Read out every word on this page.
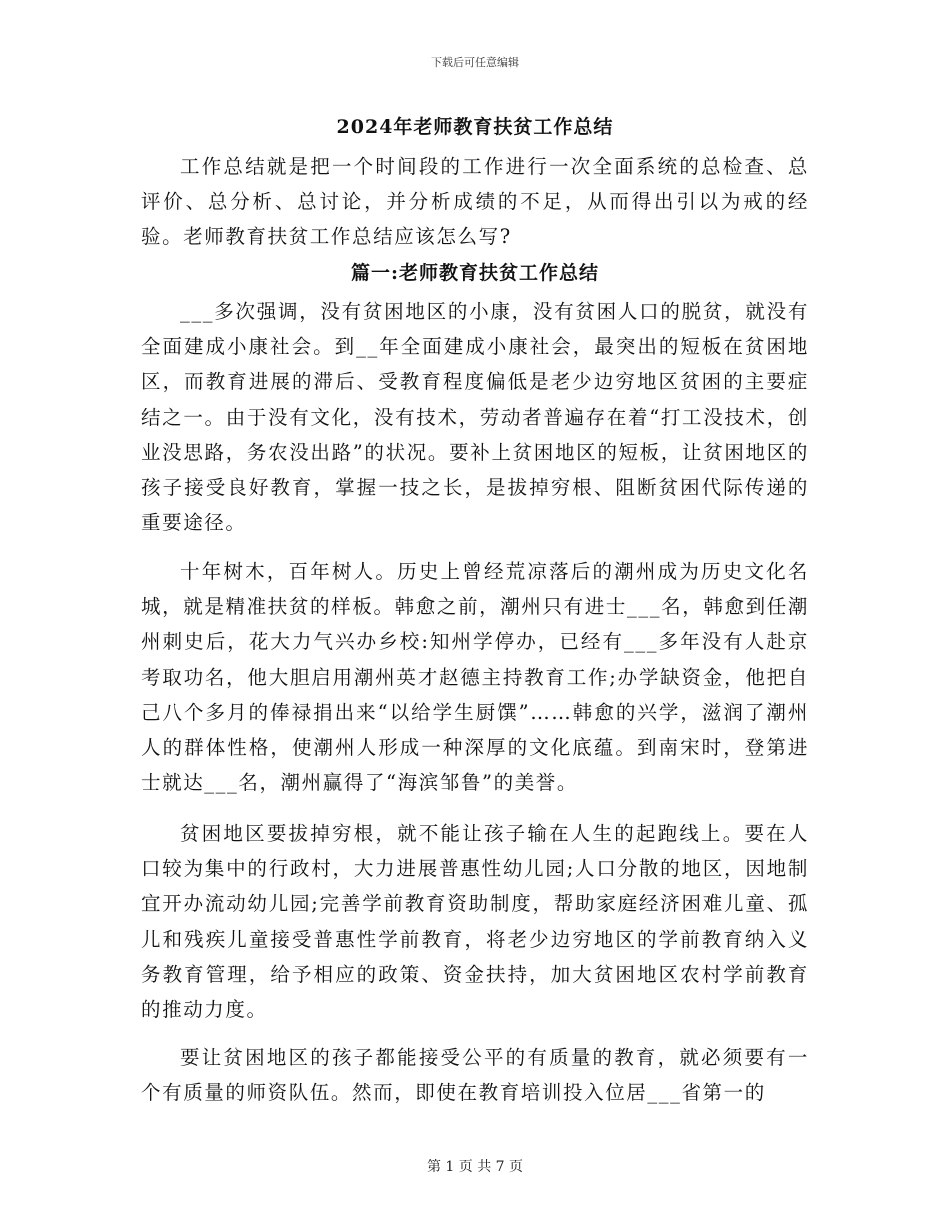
下载后可任意编辑
2024年老师教育扶贫工作总结
工作总结就是把一个时间段的工作进行一次全面系统的总检查、总评价、总分析、总讨论，并分析成绩的不足，从而得出引以为戒的经验。老师教育扶贫工作总结应该怎么写?
篇一:老师教育扶贫工作总结
___多次强调，没有贫困地区的小康，没有贫困人口的脱贫，就没有全面建成小康社会。到__年全面建成小康社会，最突出的短板在贫困地区，而教育进展的滞后、受教育程度偏低是老少边穷地区贫困的主要症结之一。由于没有文化，没有技术，劳动者普遍存在着“打工没技术，创业没思路，务农没出路”的状况。要补上贫困地区的短板，让贫困地区的孩子接受良好教育，掌握一技之长，是拔掉穷根、阻断贫困代际传递的重要途径。
十年树木，百年树人。历史上曾经荒凉落后的潮州成为历史文化名城，就是精准扶贫的样板。韩愈之前，潮州只有进士___名，韩愈到任潮州刺史后，花大力气兴办乡校:知州学停办，已经有___多年没有人赴京考取功名，他大胆启用潮州英才赵德主持教育工作;办学缺资金，他把自己八个多月的俸禄捐出来“以给学生厨馔”……韩愈的兴学，滋润了潮州人的群体性格，使潮州人形成一种深厚的文化底蕴。到南宋时，登第进士就达___名，潮州赢得了“海滨邹鲁”的美誉。
贫困地区要拔掉穷根，就不能让孩子输在人生的起跑线上。要在人口较为集中的行政村，大力进展普惠性幼儿园;人口分散的地区，因地制宜开办流动幼儿园;完善学前教育资助制度，帮助家庭经济困难儿童、孤儿和残疾儿童接受普惠性学前教育，将老少边穷地区的学前教育纳入义务教育管理，给予相应的政策、资金扶持，加大贫困地区农村学前教育的推动力度。
要让贫困地区的孩子都能接受公平的有质量的教育，就必须要有一个有质量的师资队伍。然而，即使在教育培训投入位居___省第一的
第 1 页 共 7 页
